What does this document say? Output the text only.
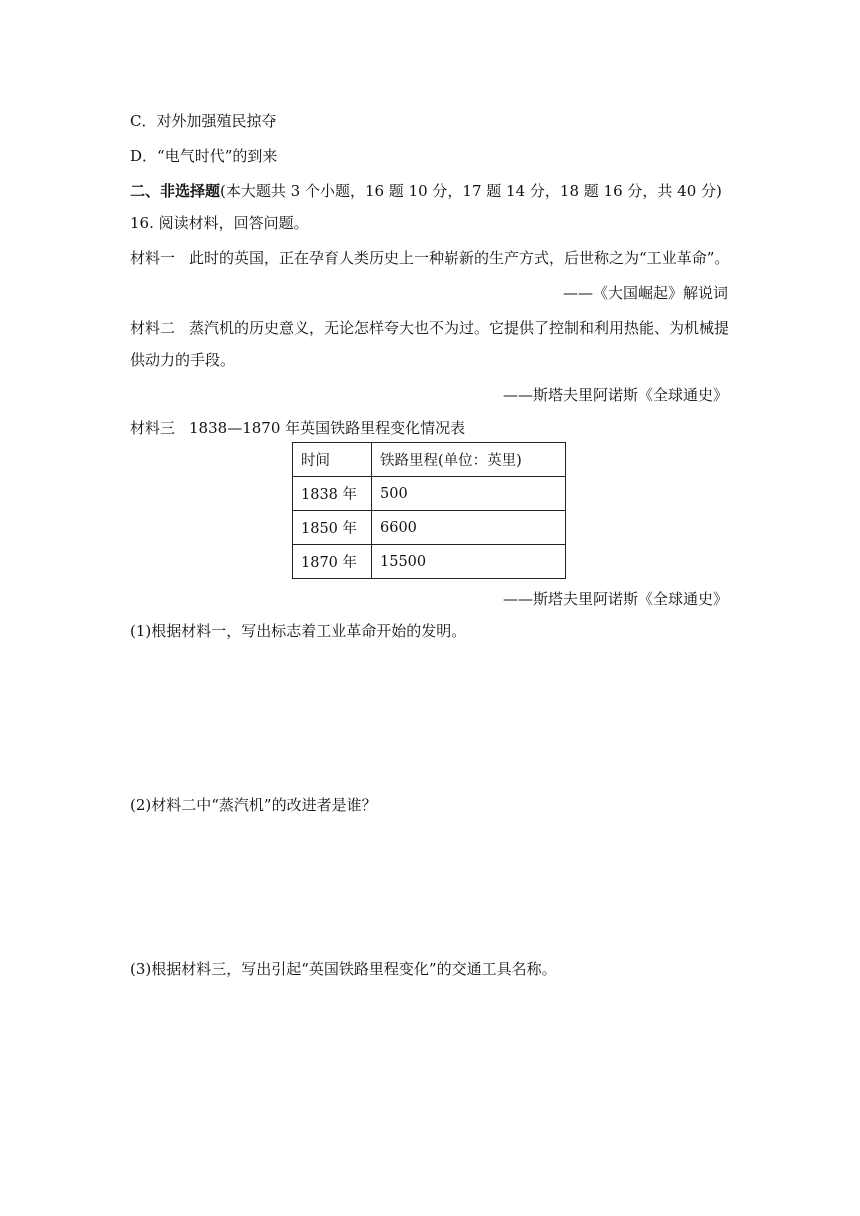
C．对外加强殖民掠夺
D．“电气时代”的到来
二、非选择题(本大题共 3 个小题，16 题 10 分，17 题 14 分，18 题 16 分，共 40 分)
16. 阅读材料，回答问题。
材料一 此时的英国，正在孕育人类历史上一种崭新的生产方式，后世称之为“工业革命”。
——《大国崛起》解说词
材料二 蒸汽机的历史意义，无论怎样夸大也不为过。它提供了控制和利用热能、为机械提
供动力的手段。
——斯塔夫里阿诺斯《全球通史》
材料三 1838—1870 年英国铁路里程变化情况表
时间	铁路里程(单位：英里)
1838 年	500
1850 年	6600
1870 年	15500
——斯塔夫里阿诺斯《全球通史》
(1)根据材料一，写出标志着工业革命开始的发明。
(2)材料二中“蒸汽机”的改进者是谁？
(3)根据材料三，写出引起“英国铁路里程变化”的交通工具名称。
